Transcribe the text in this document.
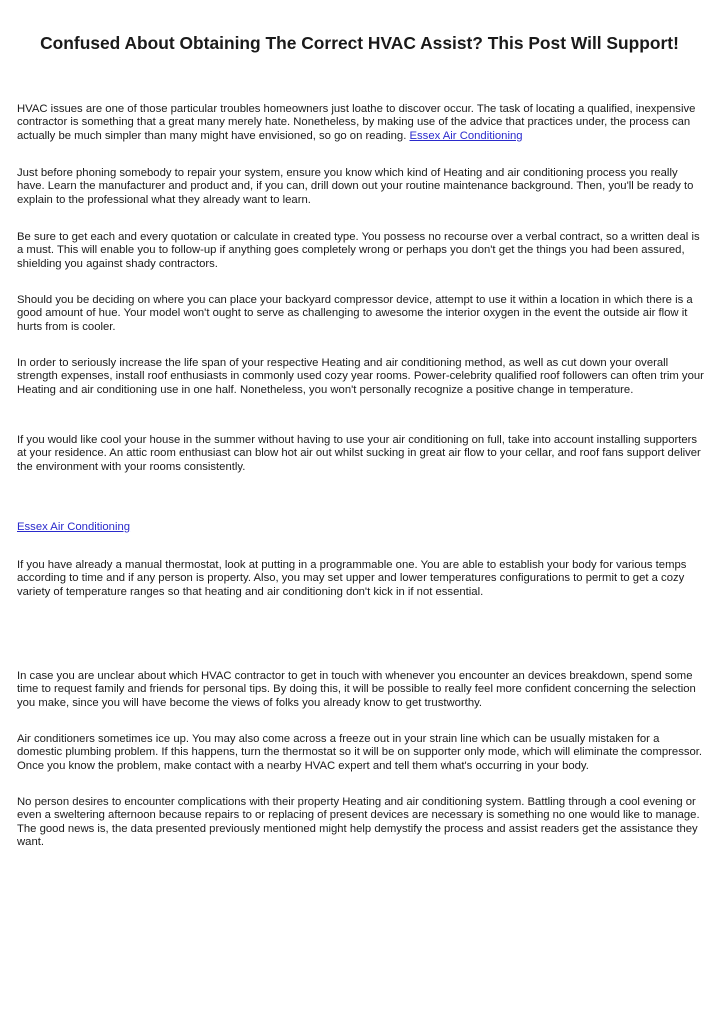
Confused About Obtaining The Correct HVAC Assist? This Post Will Support!

HVAC issues are one of those particular troubles homeowners just loathe to discover occur. The task of locating a qualified, inexpensive contractor is something that a great many merely hate. Nonetheless, by making use of the advice that practices under, the process can actually be much simpler than many might have envisioned, so go on reading. Essex Air Conditioning

Just before phoning somebody to repair your system, ensure you know which kind of Heating and air conditioning process you really have. Learn the manufacturer and product and, if you can, drill down out your routine maintenance background. Then, you'll be ready to explain to the professional what they already want to learn.

Be sure to get each and every quotation or calculate in created type. You possess no recourse over a verbal contract, so a written deal is a must. This will enable you to follow-up if anything goes completely wrong or perhaps you don't get the things you had been assured, shielding you against shady contractors.

Should you be deciding on where you can place your backyard compressor device, attempt to use it within a location in which there is a good amount of hue. Your model won't ought to serve as challenging to awesome the interior oxygen in the event the outside air flow it hurts from is cooler.

In order to seriously increase the life span of your respective Heating and air conditioning method, as well as cut down your overall strength expenses, install roof enthusiasts in commonly used cozy year rooms. Power-celebrity qualified roof followers can often trim your Heating and air conditioning use in one half. Nonetheless, you won't personally recognize a positive change in temperature.

If you would like cool your house in the summer without having to use your air conditioning on full, take into account installing supporters at your residence. An attic room enthusiast can blow hot air out whilst sucking in great air flow to your cellar, and roof fans support deliver the environment with your rooms consistently.

Essex Air Conditioning

If you have already a manual thermostat, look at putting in a programmable one. You are able to establish your body for various temps according to time and if any person is property. Also, you may set upper and lower temperatures configurations to permit to get a cozy variety of temperature ranges so that heating and air conditioning don't kick in if not essential.

In case you are unclear about which HVAC contractor to get in touch with whenever you encounter an devices breakdown, spend some time to request family and friends for personal tips. By doing this, it will be possible to really feel more confident concerning the selection you make, since you will have become the views of folks you already know to get trustworthy.

Air conditioners sometimes ice up. You may also come across a freeze out in your strain line which can be usually mistaken for a domestic plumbing problem. If this happens, turn the thermostat so it will be on supporter only mode, which will eliminate the compressor. Once you know the problem, make contact with a nearby HVAC expert and tell them what's occurring in your body.

No person desires to encounter complications with their property Heating and air conditioning system. Battling through a cool evening or even a sweltering afternoon because repairs to or replacing of present devices are necessary is something no one would like to manage. The good news is, the data presented previously mentioned might help demystify the process and assist readers get the assistance they want.
